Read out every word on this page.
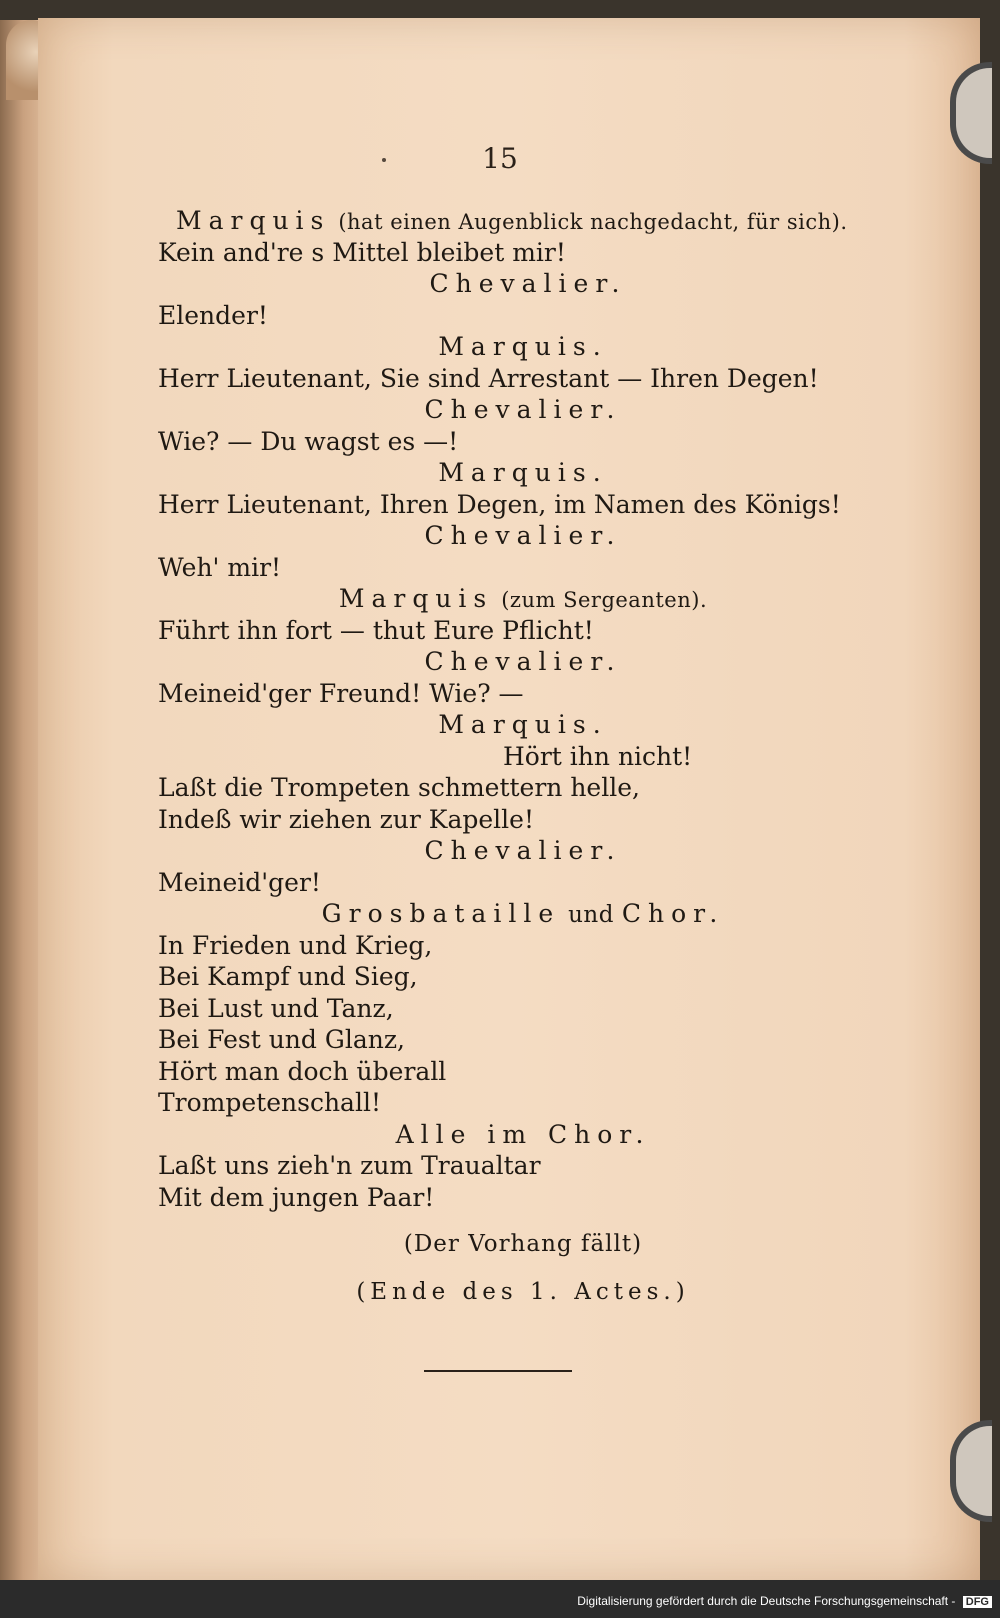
15
Marquis (hat einen Augenblick nachgedacht, für sich).
Kein and're s Mittel bleibet mir!
Chevalier.
Elender!
Marquis.
Herr Lieutenant, Sie sind Arrestant — Ihren Degen!
Chevalier.
Wie? — Du wagst es —!
Marquis.
Herr Lieutenant, Ihren Degen, im Namen des Königs!
Chevalier.
Weh' mir!
Marquis (zum Sergeanten).
Führt ihn fort — thut Eure Pflicht!
Chevalier.
Meineid'ger Freund! Wie? —
Marquis.
Hört ihn nicht!
Laßt die Trompeten schmettern helle,
Indeß wir ziehen zur Kapelle!
Chevalier.
Meineid'ger!
Grosbataille und Chor.
In Frieden und Krieg,
Bei Kampf und Sieg,
Bei Lust und Tanz,
Bei Fest und Glanz,
Hört man doch überall
Trompetenschall!
Alle im Chor.
Laßt uns zieh'n zum Traualtar
Mit dem jungen Paar!
(Der Vorhang fällt)
(Ende des 1. Actes.)
Digitalisierung gefördert durch die Deutsche Forschungsgemeinschaft - DFG
